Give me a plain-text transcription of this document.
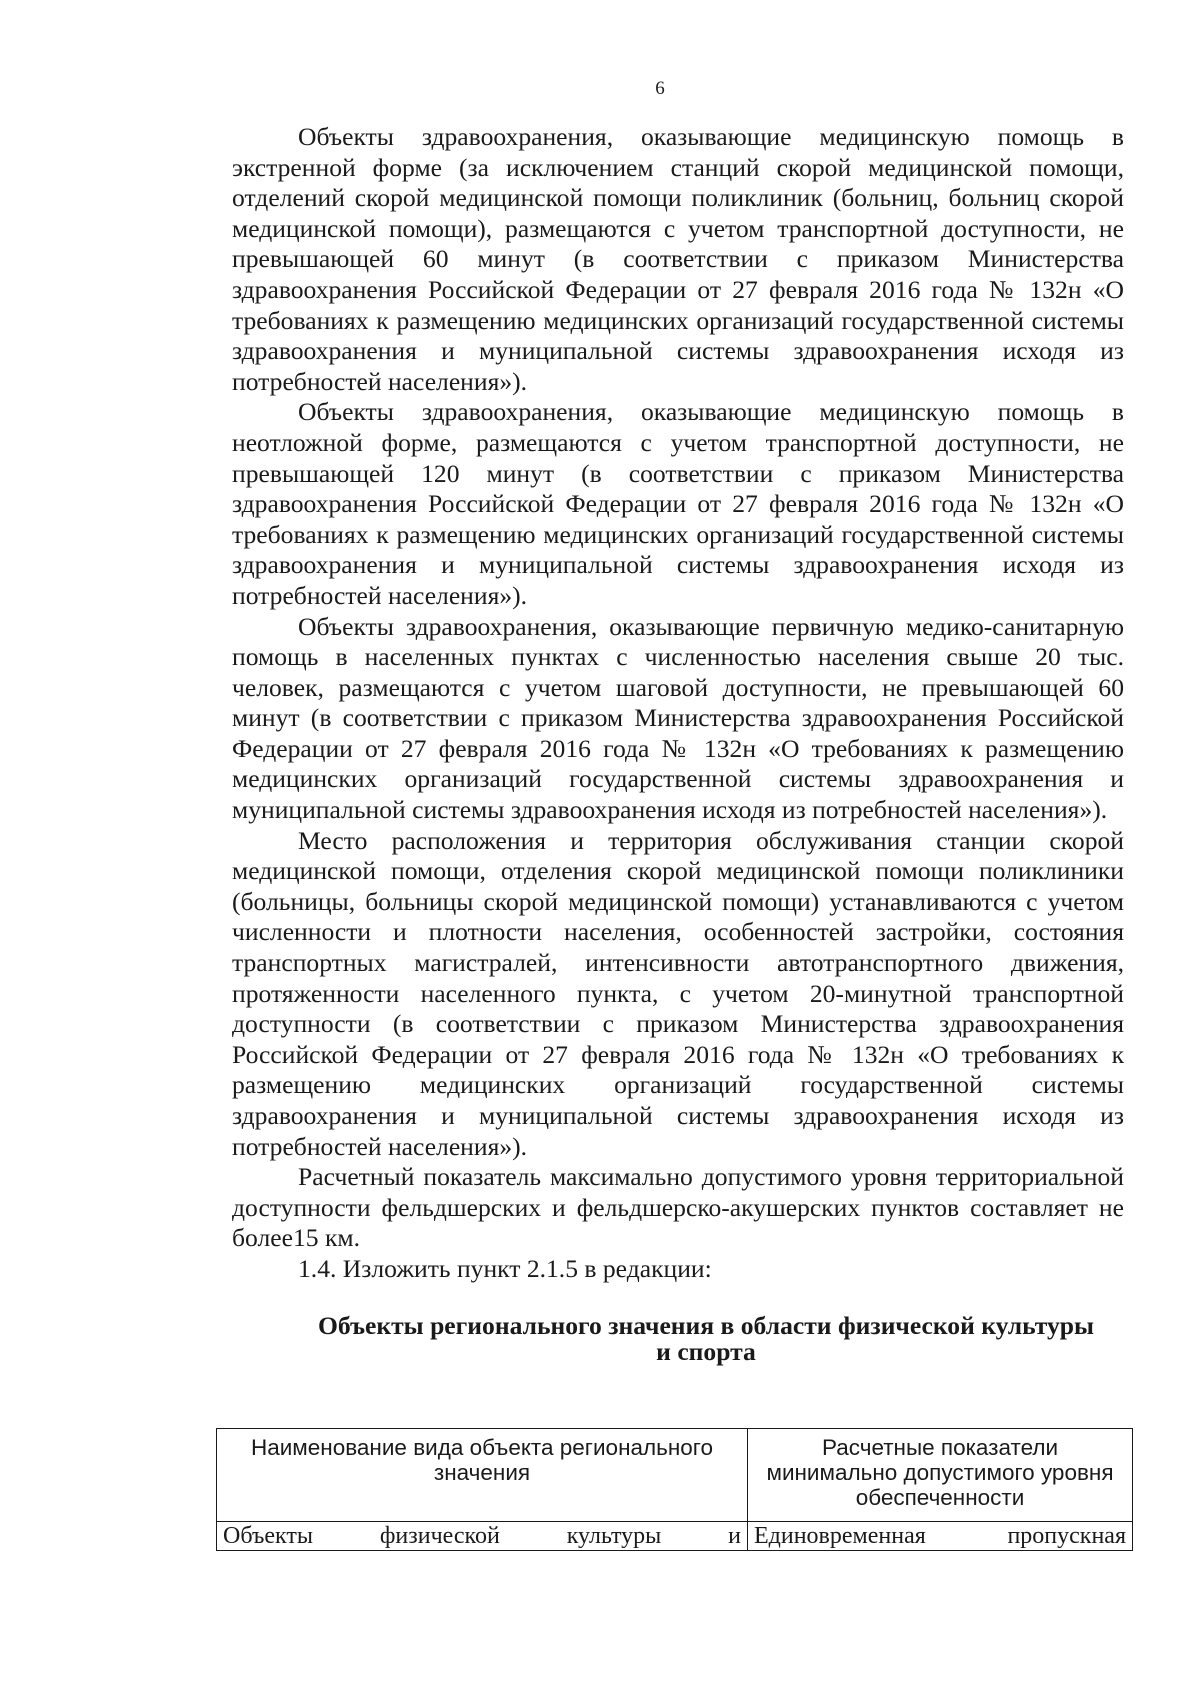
6

Объекты здравоохранения, оказывающие медицинскую помощь в экстренной форме (за исключением станций скорой медицинской помощи, отделений скорой медицинской помощи поликлиник (больниц, больниц скорой медицинской помощи), размещаются с учетом транспортной доступности, не превышающей 60 минут (в соответствии с приказом Министерства здравоохранения Российской Федерации от 27 февраля 2016 года № 132н «О требованиях к размещению медицинских организаций государственной системы здравоохранения и муниципальной системы здравоохранения исходя из потребностей населения»).

Объекты здравоохранения, оказывающие медицинскую помощь в неотложной форме, размещаются с учетом транспортной доступности, не превышающей 120 минут (в соответствии с приказом Министерства здравоохранения Российской Федерации от 27 февраля 2016 года № 132н «О требованиях к размещению медицинских организаций государственной системы здравоохранения и муниципальной системы здравоохранения исходя из потребностей населения»).

Объекты здравоохранения, оказывающие первичную медико-санитарную помощь в населенных пунктах с численностью населения свыше 20 тыс. человек, размещаются с учетом шаговой доступности, не превышающей 60 минут (в соответствии с приказом Министерства здравоохранения Российской Федерации от 27 февраля 2016 года № 132н «О требованиях к размещению медицинских организаций государственной системы здравоохранения и муниципальной системы здравоохранения исходя из потребностей населения»).

Место расположения и территория обслуживания станции скорой медицинской помощи, отделения скорой медицинской помощи поликлиники (больницы, больницы скорой медицинской помощи) устанавливаются с учетом численности и плотности населения, особенностей застройки, состояния транспортных магистралей, интенсивности автотранспортного движения, протяженности населенного пункта, с учетом 20-минутной транспортной доступности (в соответствии с приказом Министерства здравоохранения Российской Федерации от 27 февраля 2016 года № 132н «О требованиях к размещению медицинских организаций государственной системы здравоохранения и муниципальной системы здравоохранения исходя из потребностей населения»).

Расчетный показатель максимально допустимого уровня территориальной доступности фельдшерских и фельдшерско-акушерских пунктов составляет не более15 км.

1.4. Изложить пункт 2.1.5 в редакции:

Объекты регионального значения в области физической культуры
и спорта
Наименование вида объекта регионального значения	Расчетные показатели минимально допустимого уровня обеспеченности

Объекты физической культуры и	Единовременная пропускная
